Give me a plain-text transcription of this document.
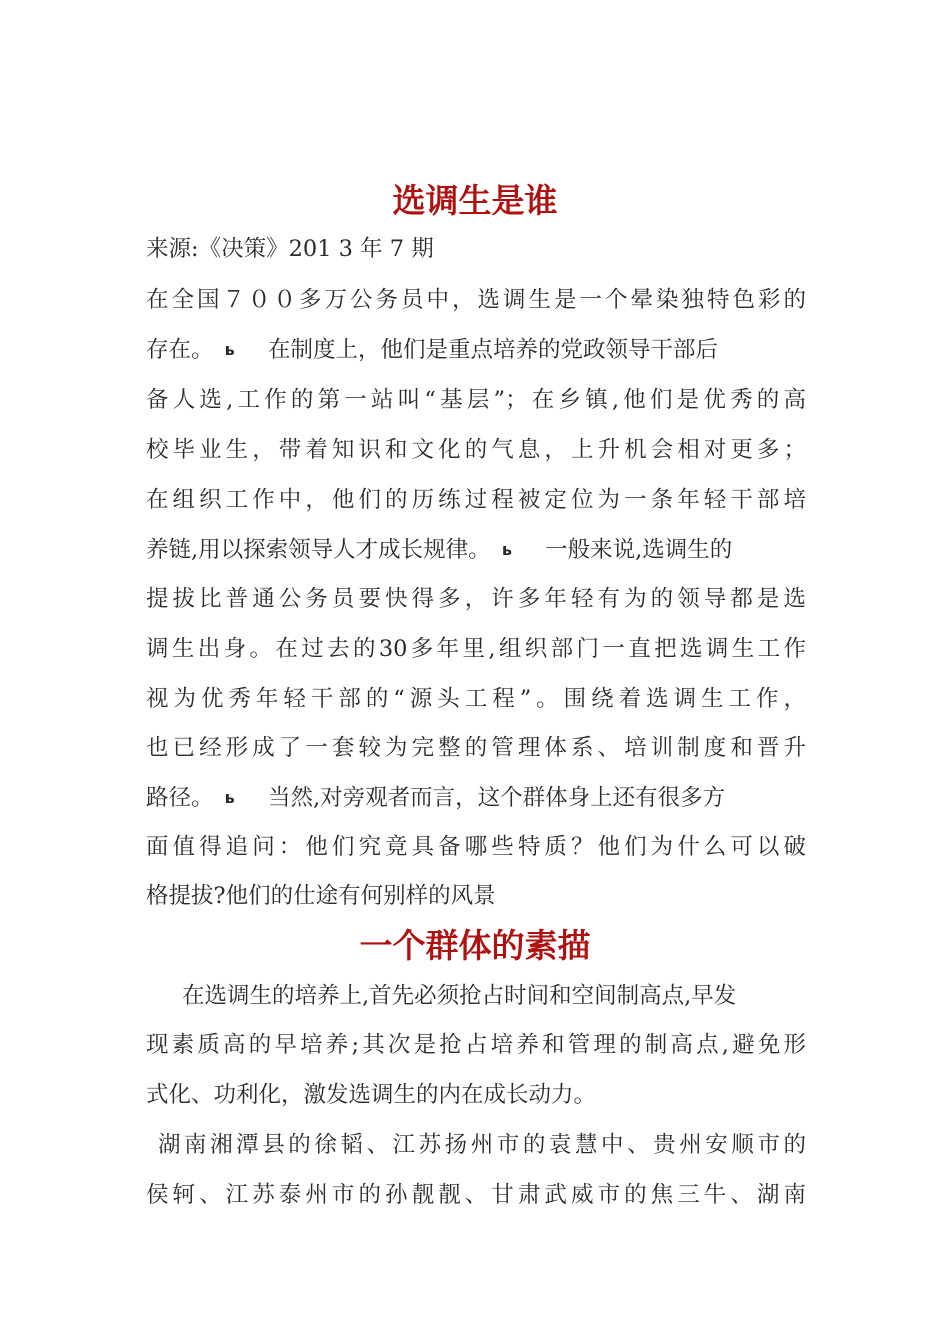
选调生是谁
来源:《决策》201 3 年 7 期
在全国７００多万公务员中，选调生是一个晕染独特色彩的
存在。 ь 在制度上，他们是重点培养的党政领导干部后
备人选,工作的第一站叫“基层”；在乡镇,他们是优秀的高
校毕业生，带着知识和文化的气息，上升机会相对更多；
在组织工作中，他们的历练过程被定位为一条年轻干部培
养链,用以探索领导人才成长规律。 ь 一般来说,选调生的
提拔比普通公务员要快得多，许多年轻有为的领导都是选
调生出身。在过去的30多年里,组织部门一直把选调生工作
视为优秀年轻干部的“源头工程”。围绕着选调生工作，
也已经形成了一套较为完整的管理体系、培训制度和晋升
路径。 ь 当然,对旁观者而言，这个群体身上还有很多方
面值得追问：他们究竟具备哪些特质？他们为什么可以破
格提拔?他们的仕途有何别样的风景
一个群体的素描
在选调生的培养上,首先必须抢占时间和空间制高点,早发
现素质高的早培养;其次是抢占培养和管理的制高点,避免形
式化、功利化，激发选调生的内在成长动力。
湖南湘潭县的徐韬、江苏扬州市的袁慧中、贵州安顺市的
侯轲、江苏泰州市的孙靓靓、甘肃武威市的焦三牛、湖南
